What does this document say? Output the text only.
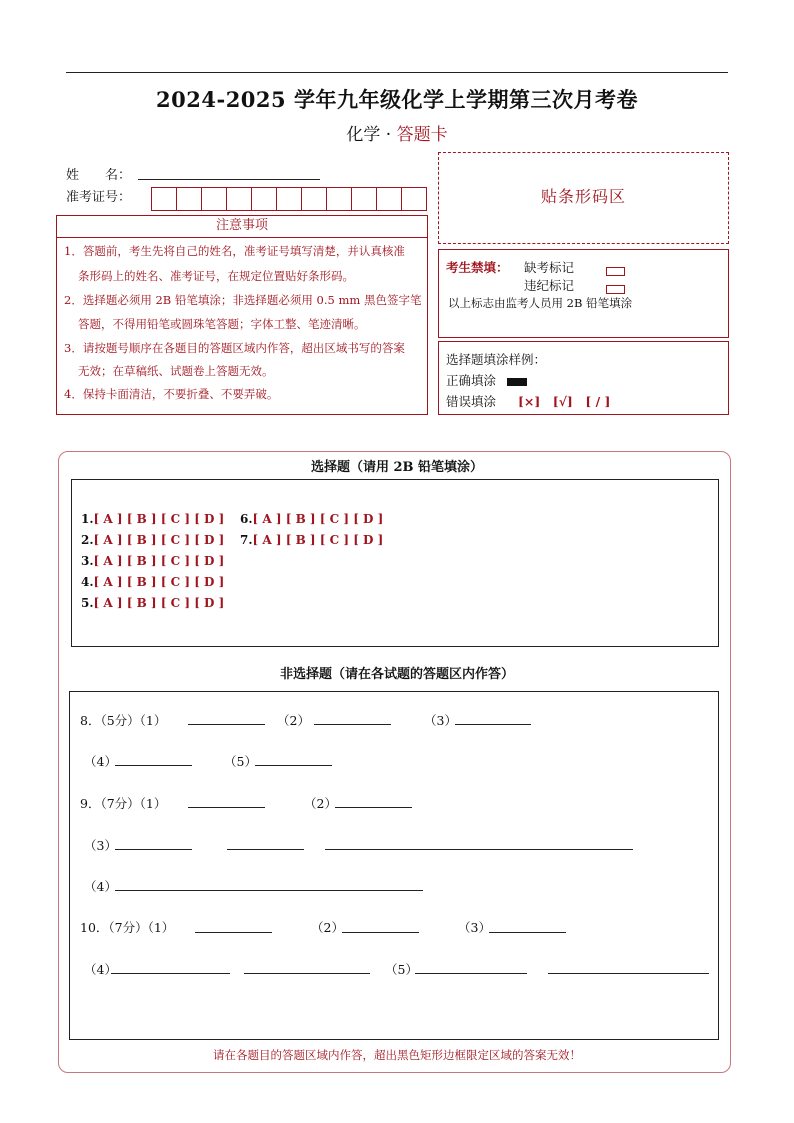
2024-2025 学年九年级化学上学期第三次月考卷
化学 · 答题卡
姓　　名：
准考证号：	贴条形码区
注意事项
1．答题前，考生先将自己的姓名，准考证号填写清楚，并认真核准
条形码上的姓名、准考证号，在规定位置贴好条形码。
2．选择题必须用 2B 铅笔填涂；非选择题必须用 0.5 mm 黑色签字笔
答题，不得用铅笔或圆珠笔答题；字体工整、笔迹清晰。
3．请按题号顺序在各题目的答题区域内作答，超出区域书写的答案
无效；在草稿纸、试题卷上答题无效。
4．保持卡面清洁，不要折叠、不要弄破。
考生禁填： 缺考标记
违纪标记
以上标志由监考人员用 2B 铅笔填涂
选择题填涂样例：
正确填涂
错误填涂 [×]　[√]　[ / ]
选择题（请用 2B 铅笔填涂）
1.[ A ] [ B ] [ C ] [ D ]
2.[ A ] [ B ] [ C ] [ D ]
3.[ A ] [ B ] [ C ] [ D ]
4.[ A ] [ B ] [ C ] [ D ]
5.[ A ] [ B ] [ C ] [ D ]
6.[ A ] [ B ] [ C ] [ D ]
7.[ A ] [ B ] [ C ] [ D ]
非选择题（请在各试题的答题区内作答）
8．（5分）（1）	（2）	（3）
（4）	（5）
9．（7分）（1）	（2）
（3）
（4）
10．（7分）（1）	（2）	（3）
（4）	（5）
请在各题目的答题区域内作答，超出黑色矩形边框限定区域的答案无效！
